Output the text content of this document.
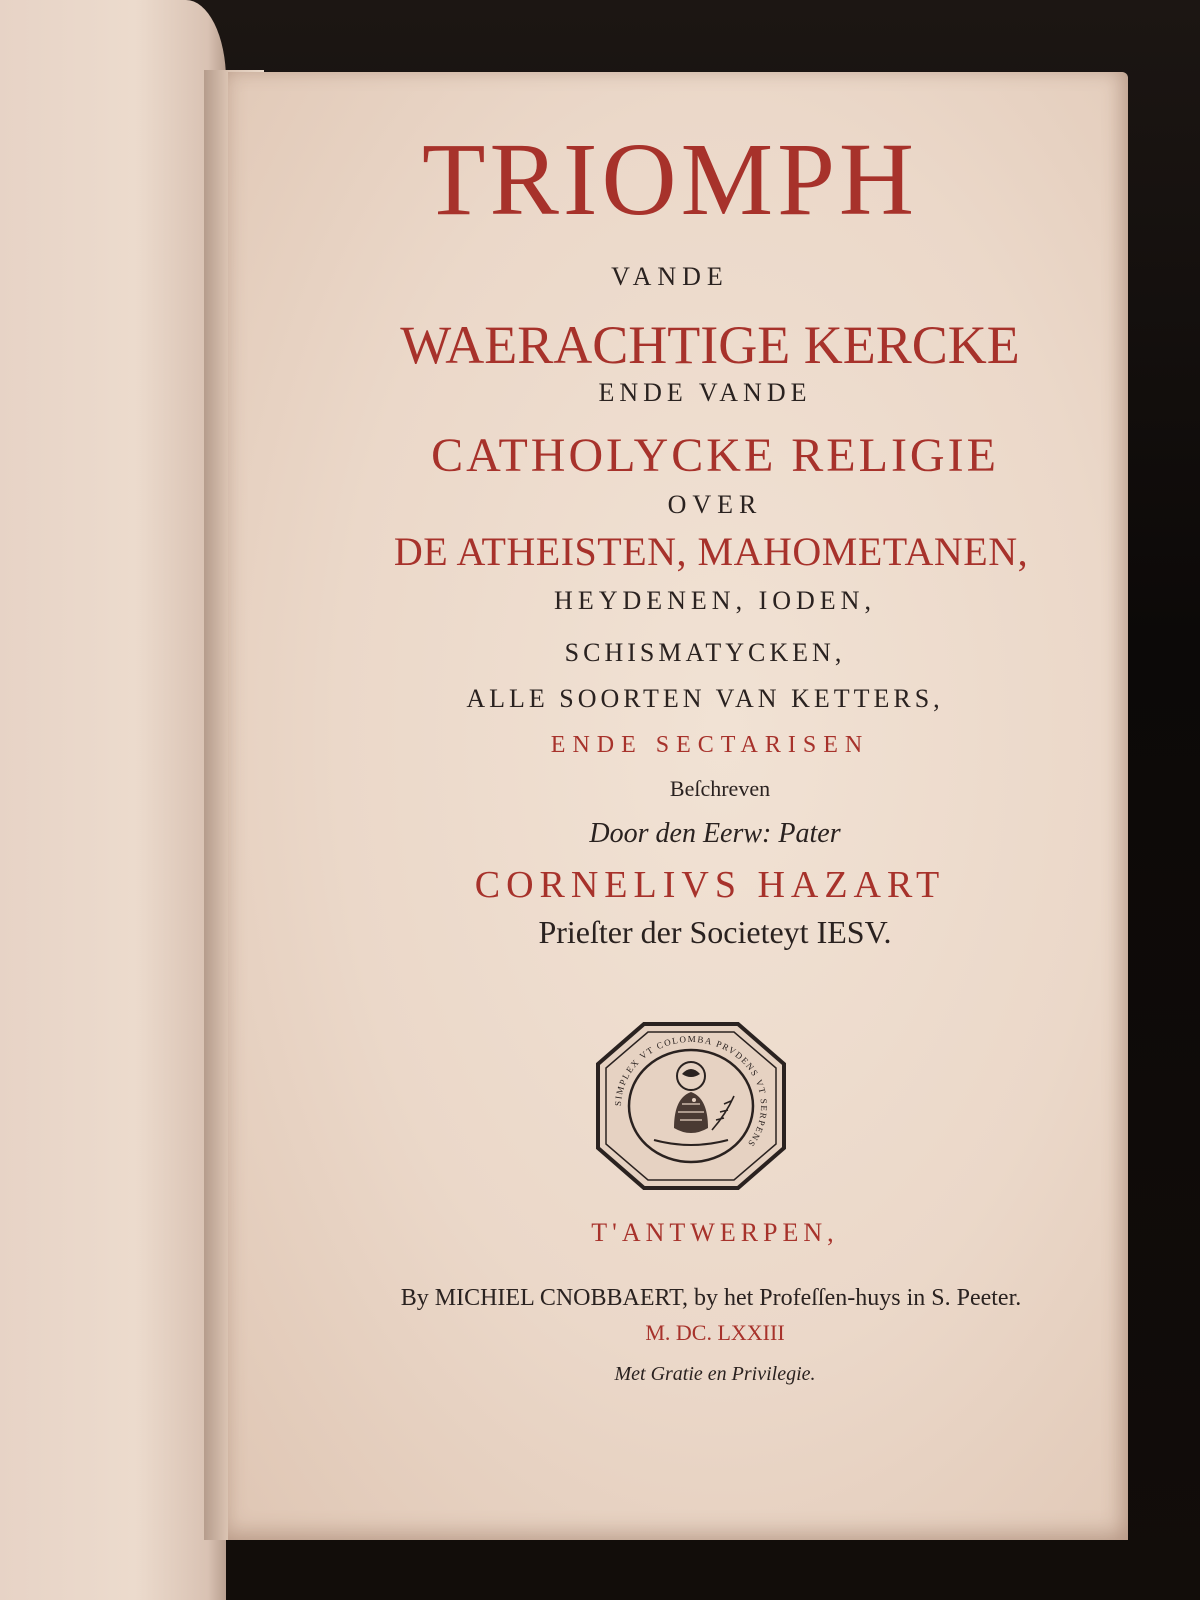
TRIOMPH
VANDE
WAERACHTIGE KERCKE
ENDE VANDE
CATHOLYCKE RELIGIE
OVER
DE ATHEISTEN, MAHOMETANEN,
HEYDENEN, IODEN,
SCHISMATYCKEN,
ALLE SOORTEN VAN KETTERS,
ENDE SECTARISEN
Beſchreven
Door den Eerw: Pater
CORNELIVS HAZART
Prieſter der Societeyt IESV.
SIMPLEX VT COLOMBA PRVDENS VT SERPENS
T'ANTWERPEN,
By MICHIEL CNOBBAERT, by het Profeſſen-huys in S. Peeter.
M. DC. LXXIII
Met Gratie en Privilegie.
